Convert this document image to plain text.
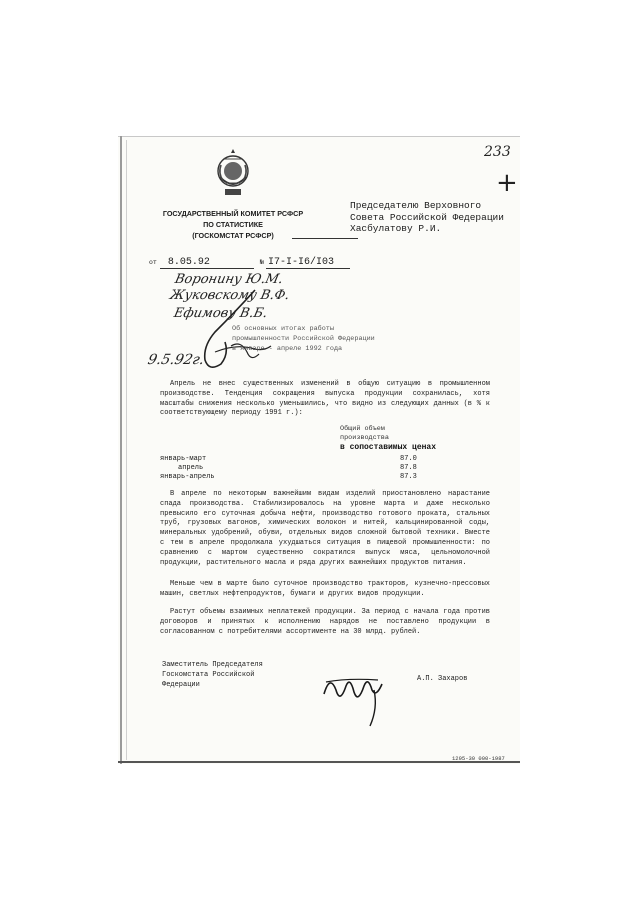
233
+
ГОСУДАРСТВЕННЫЙ КОМИТЕТ РСФСР
ПО СТАТИСТИКЕ
(ГОСКОМСТАТ РСФСР)
Председателю Верховного
Совета Российской Федерации
Хасбулатову Р.И.
от 8.05.92	№ I7-I-I6/I03
Воронину Ю.М.
Жуковскому В.Ф.
Ефимову В.Б.
9.5.92г.
Об основных итогах работы
промышленности Российской Федерации
в январе - апреле 1992 года
Апрель не внес существенных изменений в общую ситуацию в промышленном производстве. Тенденция сокращения выпуска продукции сохранилась, хотя масштабы снижения несколько уменьшились, что видно из следующих данных (в % к соответствующему периоду 1991 г.):
Общий объем
производства
в сопоставимых ценах
январь-март	87.0
апрель	87.8
январь-апрель	87.3
В апреле по некоторым важнейшим видам изделий приостановлено нарастание спада производства. Стабилизировалось на уровне марта и даже несколько превысило его суточная добыча нефти, производство готового проката, стальных труб, грузовых вагонов, химических волокон и нитей, кальцинированной соды, минеральных удобрений, обуви, отдельных видов сложной бытовой техники. Вместе с тем в апреле продолжала ухудшаться ситуация в пищевой промышленности: по сравнению с мартом существенно сократился выпуск мяса, цельномолочной продукции, растительного масла и ряда других важнейших продуктов питания.
Меньше чем в марте было суточное производство тракторов, кузнечно-прессовых машин, светлых нефтепродуктов, бумаги и других видов продукции.
Растут объемы взаимных неплатежей продукции. За период с начала года против договоров и принятых к исполнению нарядов не поставлено продукции в согласованном с потребителями ассортименте на 30 млрд. рублей.
Заместитель Председателя
Госкомстата Российской
Федерации
А.П. Захаров
1295-30 000-1987
